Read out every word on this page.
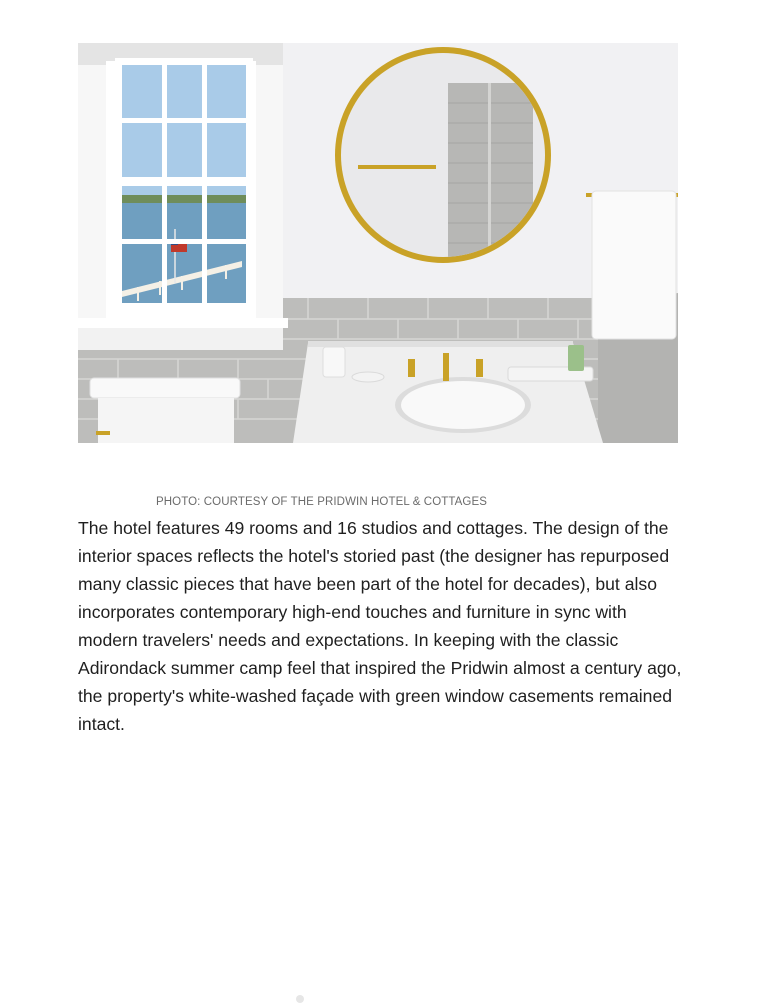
PHOTO: COURTESY OF THE PRIDWIN HOTEL & COTTAGES

The hotel features 49 rooms and 16 studios and cottages. The design of the interior spaces reflects the hotel's storied past (the designer has repurposed many classic pieces that have been part of the hotel for decades), but also incorporates contemporary high-end touches and furniture in sync with modern travelers' needs and expectations. In keeping with the classic Adirondack summer camp feel that inspired the Pridwin almost a century ago, the property's white-washed façade with green window casements remained intact.
